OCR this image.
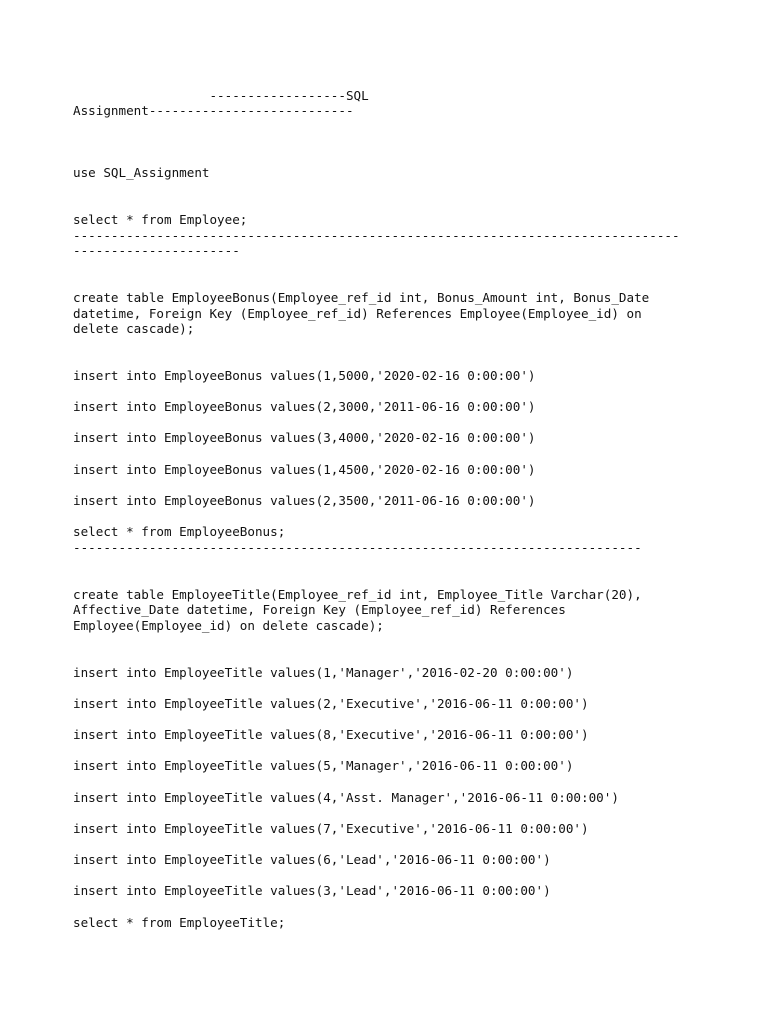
------------------SQL
Assignment---------------------------
use SQL_Assignment
select * from Employee;
--------------------------------------------------------------------------------
----------------------
create table EmployeeBonus(Employee_ref_id int, Bonus_Amount int, Bonus_Date
datetime, Foreign Key (Employee_ref_id) References Employee(Employee_id) on
delete cascade);
insert into EmployeeBonus values(1,5000,'2020-02-16 0:00:00')
insert into EmployeeBonus values(2,3000,'2011-06-16 0:00:00')
insert into EmployeeBonus values(3,4000,'2020-02-16 0:00:00')
insert into EmployeeBonus values(1,4500,'2020-02-16 0:00:00')
insert into EmployeeBonus values(2,3500,'2011-06-16 0:00:00')
select * from EmployeeBonus;
---------------------------------------------------------------------------
create table EmployeeTitle(Employee_ref_id int, Employee_Title Varchar(20),
Affective_Date datetime, Foreign Key (Employee_ref_id) References
Employee(Employee_id) on delete cascade);
insert into EmployeeTitle values(1,'Manager','2016-02-20 0:00:00')
insert into EmployeeTitle values(2,'Executive','2016-06-11 0:00:00')
insert into EmployeeTitle values(8,'Executive','2016-06-11 0:00:00')
insert into EmployeeTitle values(5,'Manager','2016-06-11 0:00:00')
insert into EmployeeTitle values(4,'Asst. Manager','2016-06-11 0:00:00')
insert into EmployeeTitle values(7,'Executive','2016-06-11 0:00:00')
insert into EmployeeTitle values(6,'Lead','2016-06-11 0:00:00')
insert into EmployeeTitle values(3,'Lead','2016-06-11 0:00:00')
select * from EmployeeTitle;
